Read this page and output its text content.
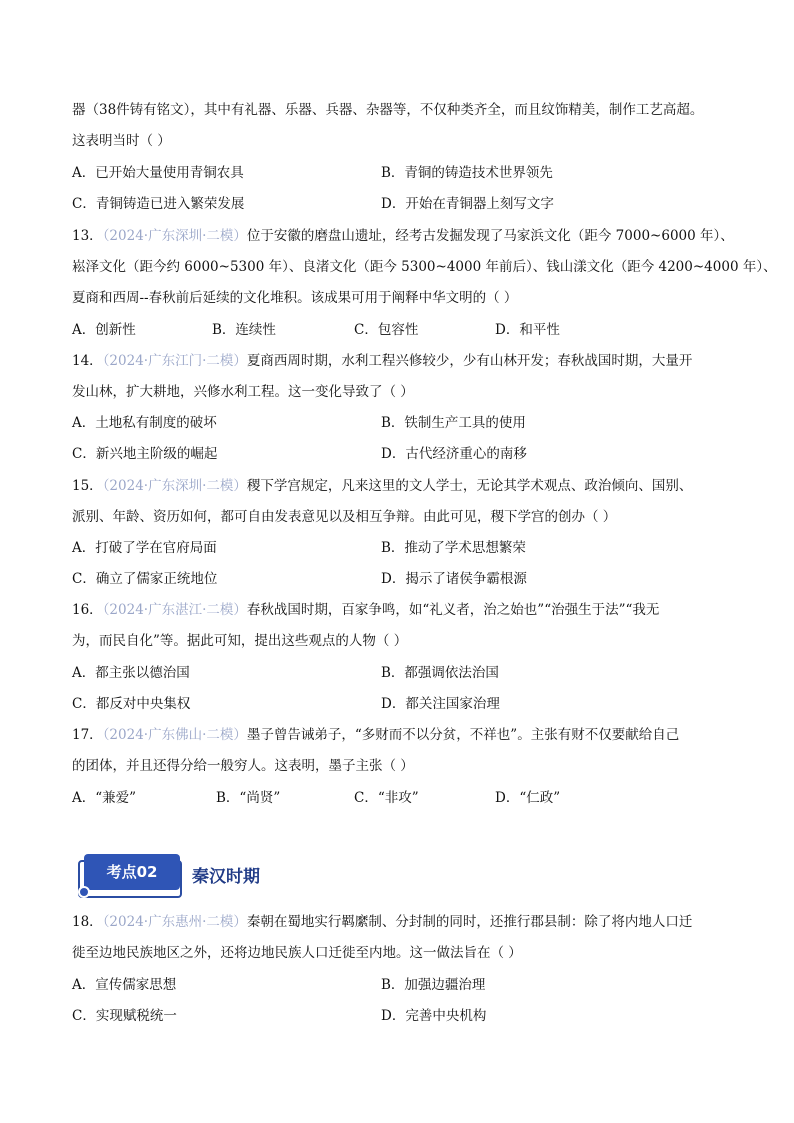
器（38件铸有铭文），其中有礼器、乐器、兵器、杂器等，不仅种类齐全，而且纹饰精美，制作工艺高超。
这表明当时（ ）
A．已开始大量使用青铜农具	B．青铜的铸造技术世界领先
C．青铜铸造已进入繁荣发展	D．开始在青铜器上刻写文字
13．（2024·广东深圳·二模）位于安徽的磨盘山遗址，经考古发掘发现了马家浜文化（距今 7000~6000 年）、
崧泽文化（距今约 6000~5300 年）、良渚文化（距今 5300~4000 年前后）、钱山漾文化（距今 4200~4000 年）、
夏商和西周--春秋前后延续的文化堆积。该成果可用于阐释中华文明的（ ）
A．创新性	B．连续性	C．包容性	D．和平性
14．（2024·广东江门·二模）夏商西周时期，水利工程兴修较少，少有山林开发；春秋战国时期，大量开
发山林，扩大耕地，兴修水利工程。这一变化导致了（ ）
A．土地私有制度的破坏	B．铁制生产工具的使用
C．新兴地主阶级的崛起	D．古代经济重心的南移
15．（2024·广东深圳·二模）稷下学宫规定，凡来这里的文人学士，无论其学术观点、政治倾向、国别、
派别、年龄、资历如何，都可自由发表意见以及相互争辩。由此可见，稷下学宫的创办（ ）
A．打破了学在官府局面	B．推动了学术思想繁荣
C．确立了儒家正统地位	D．揭示了诸侯争霸根源
16．（2024·广东湛江·二模）春秋战国时期，百家争鸣，如“礼义者，治之始也”“治强生于法”“我无
为，而民自化”等。据此可知，提出这些观点的人物（ ）
A．都主张以德治国	B．都强调依法治国
C．都反对中央集权	D．都关注国家治理
17．（2024·广东佛山·二模）墨子曾告诫弟子，“多财而不以分贫，不祥也”。主张有财不仅要献给自己
的团体，并且还得分给一般穷人。这表明，墨子主张（ ）
A．“兼爱”	B．“尚贤”	C．“非攻”	D．“仁政”
考点02	秦汉时期
18．（2024·广东惠州·二模）秦朝在蜀地实行羁縻制、分封制的同时，还推行郡县制：除了将内地人口迁
徙至边地民族地区之外，还将边地民族人口迁徙至内地。这一做法旨在（ ）
A．宣传儒家思想	B．加强边疆治理
C．实现赋税统一	D．完善中央机构
